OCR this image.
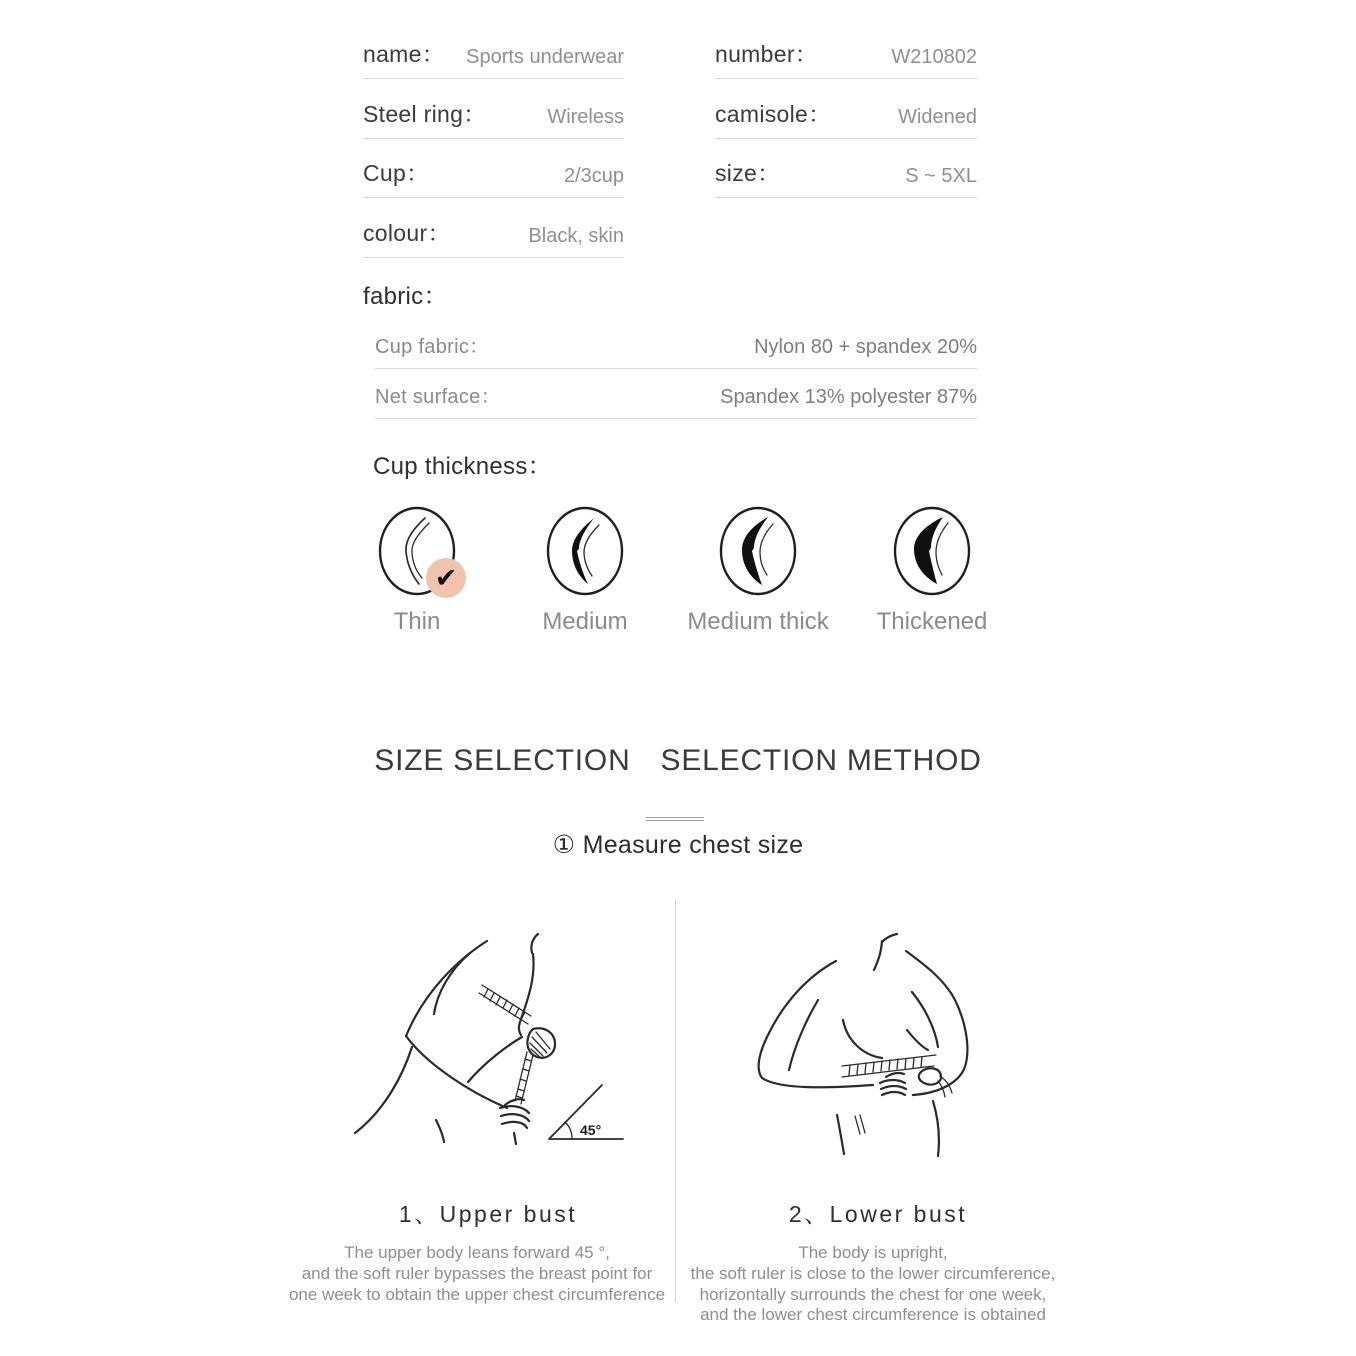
name： Sports underwear	number：	W210802
Steel ring：	Wireless	camisole：	Widened
Cup：	2/3cup	size：	S ~ 5XL
colour：	Black, skin
fabric：
Cup fabric：	Nylon 80 + spandex 20%
Net surface：	Spandex 13% polyester 87%
Cup thickness：
✔
Thin	Medium	Medium thick	Thickened
SIZE SELECTION SELECTION METHOD
① Measure chest size
45°
1、Upper bust	2、Lower bust
The upper body leans forward 45 °,
and the soft ruler bypasses the breast point for
one week to obtain the upper chest circumference
The body is upright,
the soft ruler is close to the lower circumference,
horizontally surrounds the chest for one week,
and the lower chest circumference is obtained
